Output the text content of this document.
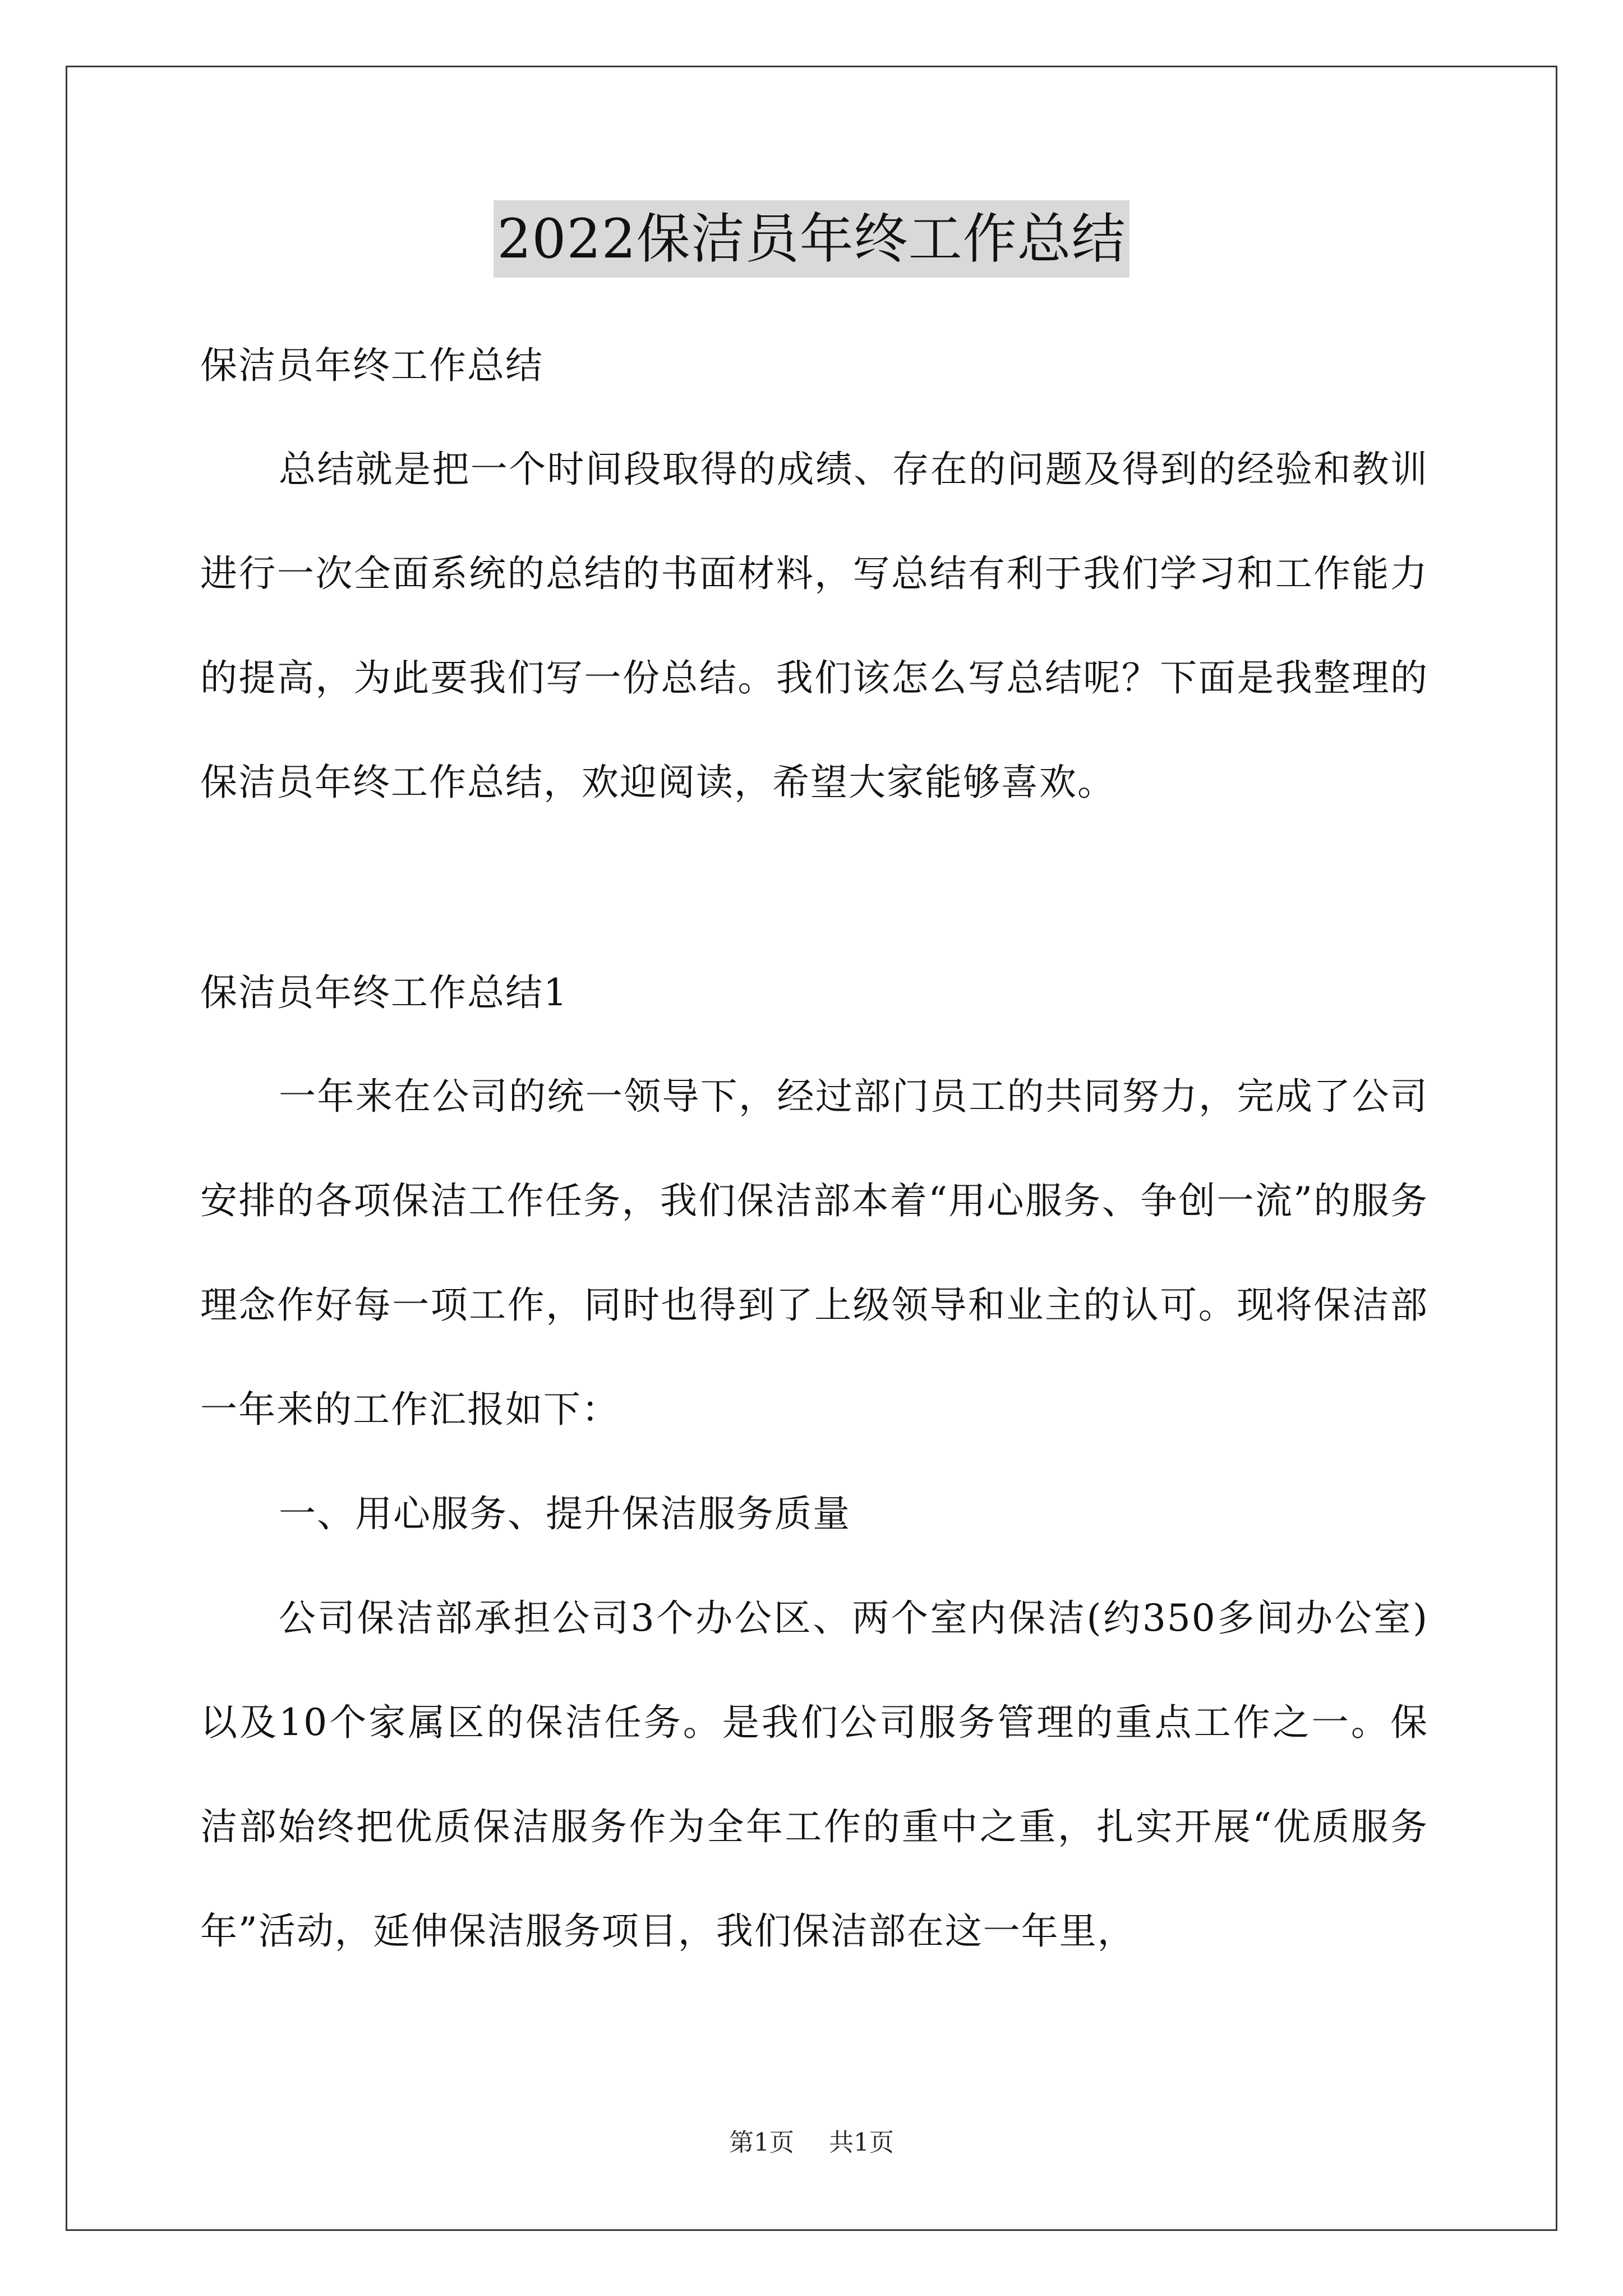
2022保洁员年终工作总结
保洁员年终工作总结

总结就是把一个时间段取得的成绩、存在的问题及得到的经验和教训进行一次全面系统的总结的书面材料，写总结有利于我们学习和工作能力的提高，为此要我们写一份总结。我们该怎么写总结呢？下面是我整理的保洁员年终工作总结，欢迎阅读，希望大家能够喜欢。

保洁员年终工作总结1

一年来在公司的统一领导下，经过部门员工的共同努力，完成了公司安排的各项保洁工作任务，我们保洁部本着“用心服务、争创一流”的服务理念作好每一项工作，同时也得到了上级领导和业主的认可。现将保洁部一年来的工作汇报如下：

一、用心服务、提升保洁服务质量

公司保洁部承担公司3个办公区、两个室内保洁(约350多间办公室)以及10个家属区的保洁任务。是我们公司服务管理的重点工作之一。保洁部始终把优质保洁服务作为全年工作的重中之重，扎实开展“优质服务年”活动，延伸保洁服务项目，我们保洁部在这一年里，

第1页 共1页
